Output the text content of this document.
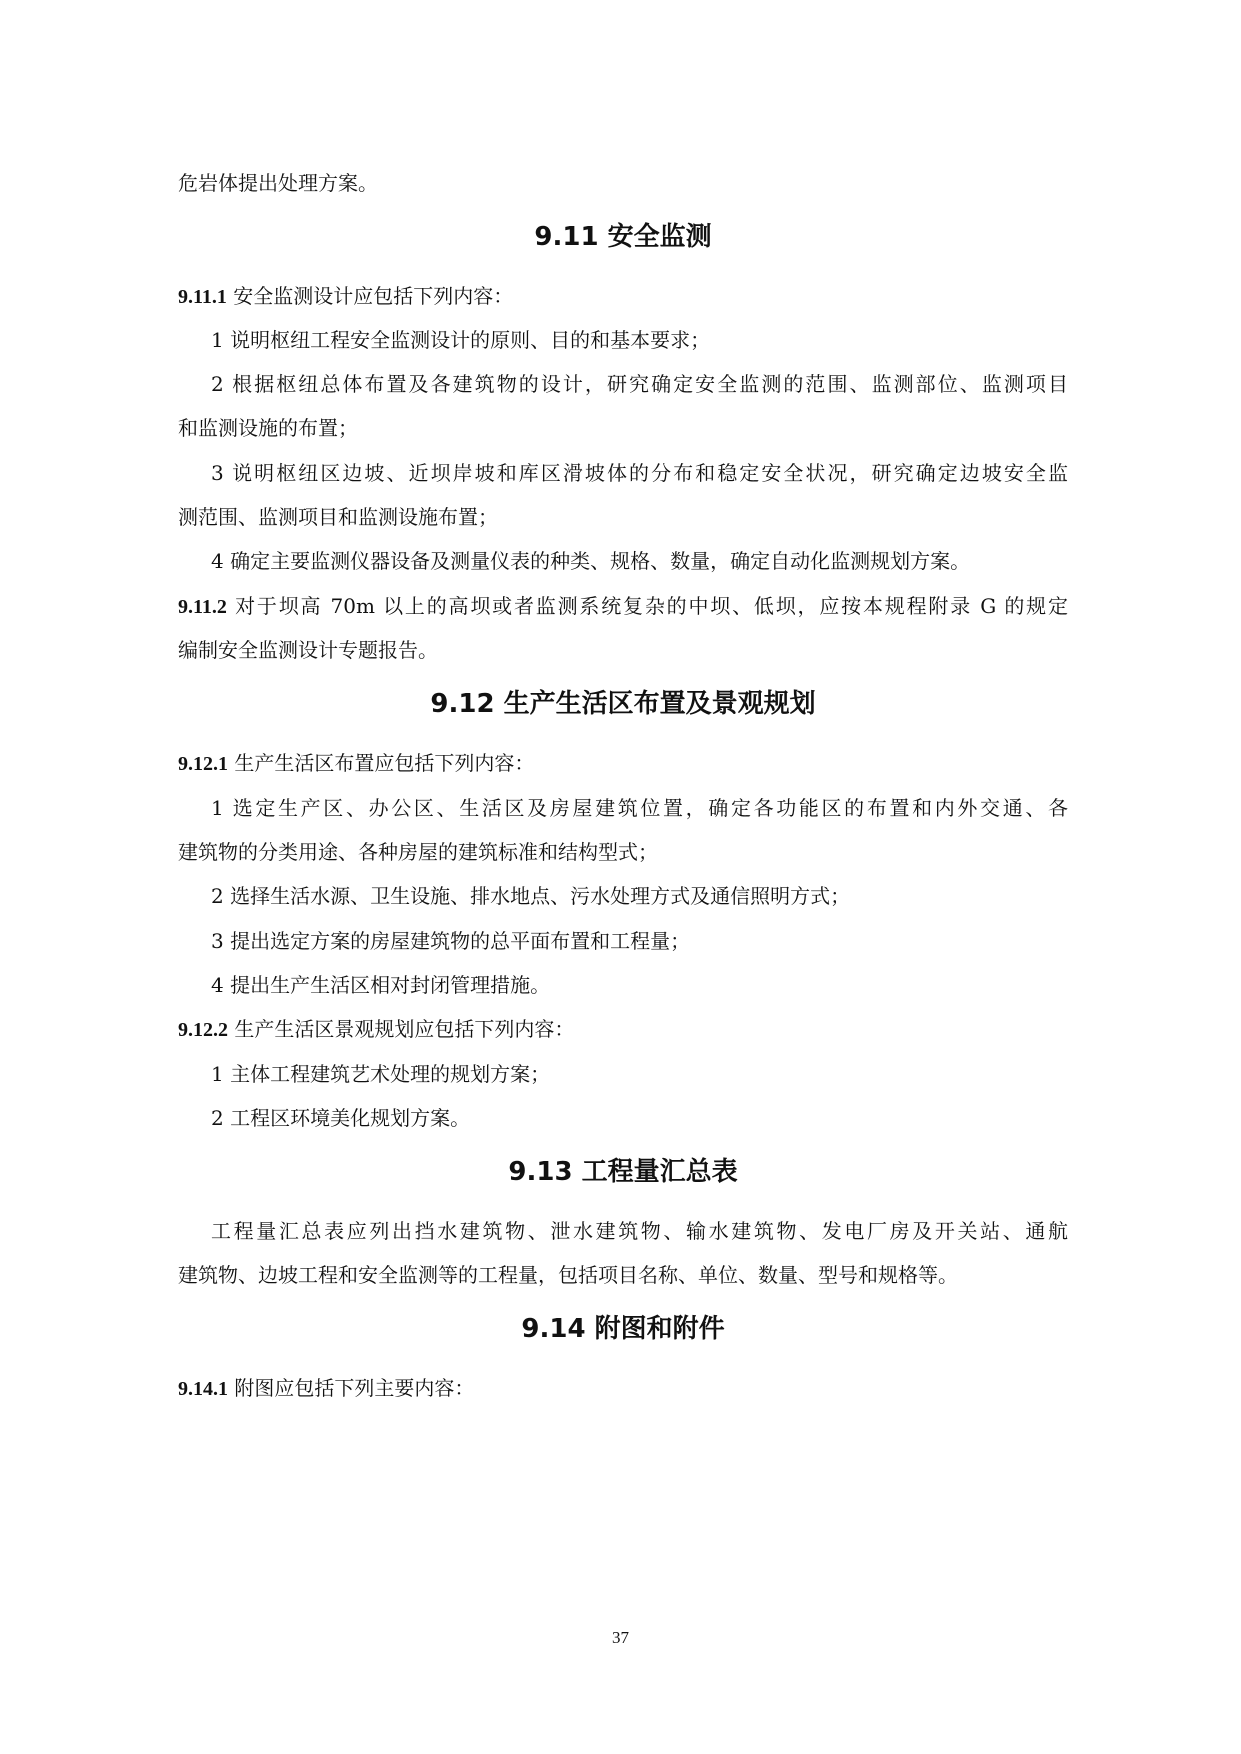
危岩体提出处理方案。
9.11 安全监测
9.11.1 安全监测设计应包括下列内容：
1 说明枢纽工程安全监测设计的原则、目的和基本要求；
2 根据枢纽总体布置及各建筑物的设计，研究确定安全监测的范围、监测部位、监测项目
和监测设施的布置；
3 说明枢纽区边坡、近坝岸坡和库区滑坡体的分布和稳定安全状况，研究确定边坡安全监
测范围、监测项目和监测设施布置；
4 确定主要监测仪器设备及测量仪表的种类、规格、数量，确定自动化监测规划方案。
9.11.2 对于坝高 70m 以上的高坝或者监测系统复杂的中坝、低坝，应按本规程附录 G 的规定
编制安全监测设计专题报告。
9.12 生产生活区布置及景观规划
9.12.1 生产生活区布置应包括下列内容：
1 选定生产区、办公区、生活区及房屋建筑位置，确定各功能区的布置和内外交通、各
建筑物的分类用途、各种房屋的建筑标准和结构型式；
2 选择生活水源、卫生设施、排水地点、污水处理方式及通信照明方式；
3 提出选定方案的房屋建筑物的总平面布置和工程量；
4 提出生产生活区相对封闭管理措施。
9.12.2 生产生活区景观规划应包括下列内容：
1 主体工程建筑艺术处理的规划方案；
2 工程区环境美化规划方案。
9.13 工程量汇总表
工程量汇总表应列出挡水建筑物、泄水建筑物、输水建筑物、发电厂房及开关站、通航
建筑物、边坡工程和安全监测等的工程量，包括项目名称、单位、数量、型号和规格等。
9.14 附图和附件
9.14.1 附图应包括下列主要内容：
37
